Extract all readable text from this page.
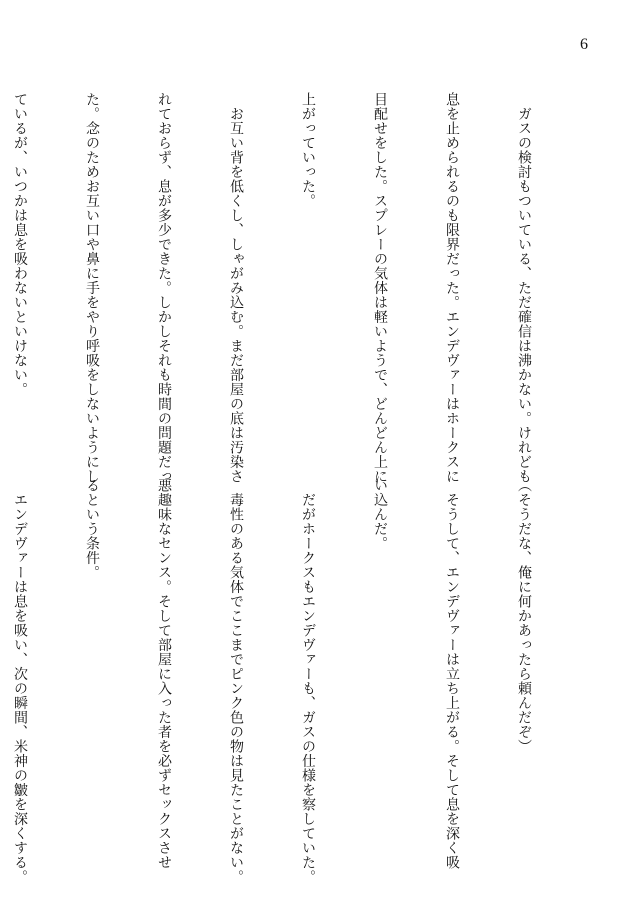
6

　ガスの検討もついている、ただ確信は沸かない。けれども

息を止められるのも限界だった。エンデヴァーはホークスに

目配せをした。スプレーの気体は軽いようで、どんどん上に

上がっていった。

　お互い背を低くし、しゃがみ込む。まだ部屋の底は汚染さ

れておらず、息が多少できた。しかしそれも時間の問題だっ

た。念のためお互い口や鼻に手をやり呼吸をしないようにし

ているが、いつかは息を吸わないといけない。

（そうだな、俺に何かあったら頼んだぞ）

　そうして、エンデヴァーは立ち上がる。そして息を深く吸

い込んだ。

　だがホークスもエンデヴァーも、ガスの仕様を察していた。

　毒性のある気体でここまでピンク色の物は見たことがない。

悪趣味なセンス。そして部屋に入った者を必ずセックスさせ

るという条件。

　エンデヴァーは息を吸い、次の瞬間、米神の皺を深くする。
